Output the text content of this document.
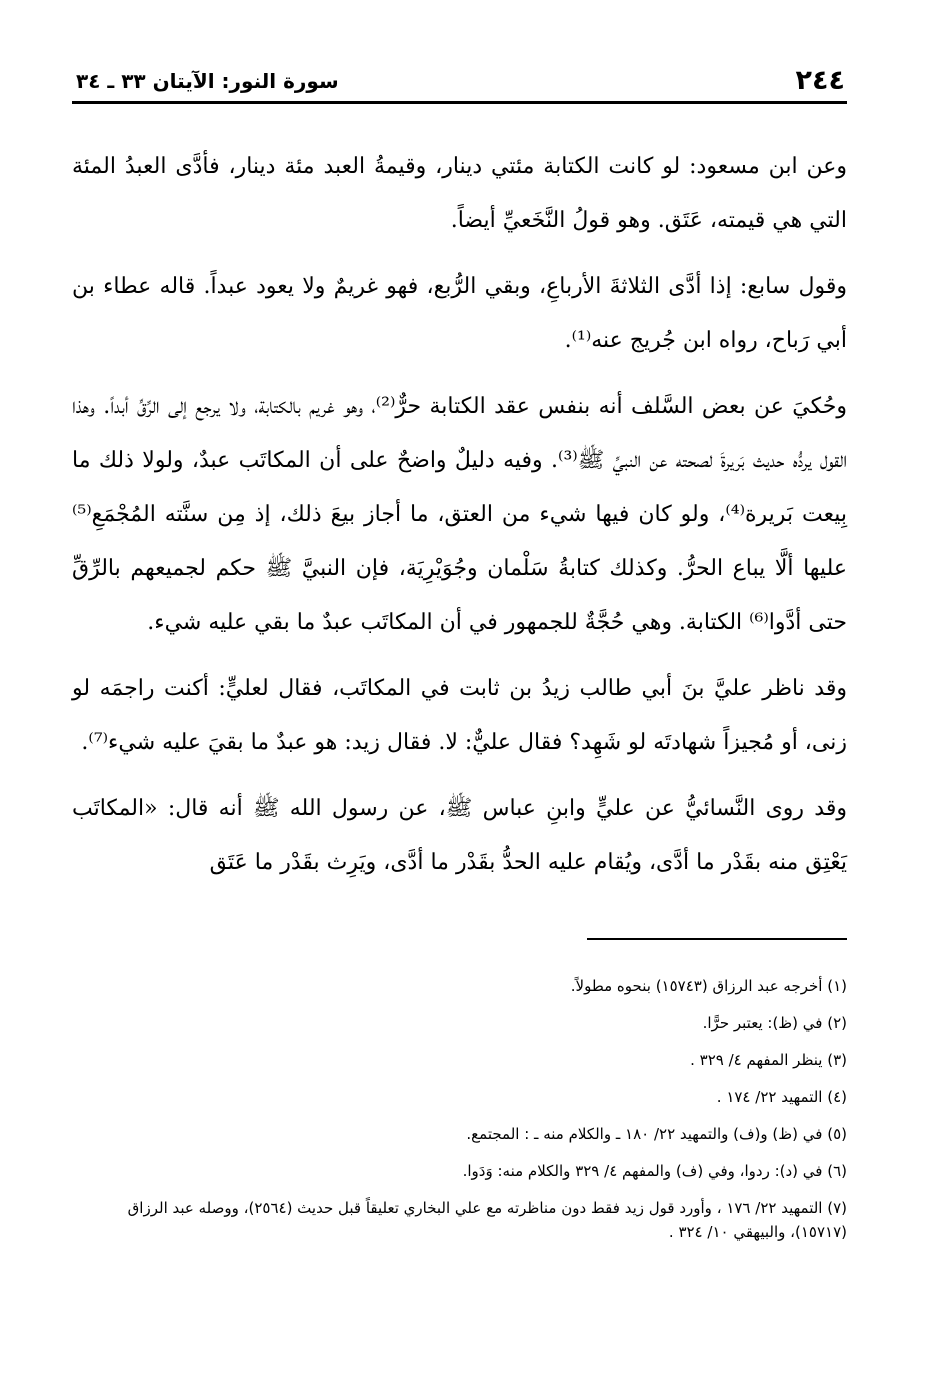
٢٤٤
سورة النور: الآيتان ٣٣ ـ ٣٤

وعن ابن مسعود: لو كانت الكتابة مئتي دينار، وقيمةُ العبد مئة دينار، فأدَّى العبدُ المئة التي هي قيمته، عَتَق. وهو قولُ النَّخَعيِّ أيضاً.

وقول سابع: إذا أدَّى الثلاثةَ الأرباعِ، وبقي الرُّبع، فهو غريمٌ ولا يعود عبداً. قاله عطاء بن أبي رَباح، رواه ابن جُريج عنه⁽¹⁾.

وحُكيَ عن بعض السَّلف أنه بنفس عقد الكتابة حرٌّ⁽²⁾، وهو غريم بالكتابة، ولا يرجع إلى الرِّقِّ أبداً. وهذا القول يردُّه حديث بَريرةَ لصحته عن النبيِّ ﷺ⁽³⁾. وفيه دليلٌ واضحٌ على أن المكاتَب عبدٌ، ولولا ذلك ما بِيعت بَريرة⁽⁴⁾، ولو كان فيها شيء من العتق، ما أجاز بيعَ ذلك، إذ مِن سنَّته المُجْمَعِ⁽⁵⁾ عليها ألَّا يباع الحرُّ. وكذلك كتابةُ سَلْمان وجُوَيْرِيَة، فإن النبيَّ ﷺ حكم لجميعهم بالرِّقِّ حتى أدَّوا⁽⁶⁾ الكتابة. وهي حُجَّةٌ للجمهور في أن المكاتَب عبدٌ ما بقي عليه شيء.

وقد ناظر عليَّ بنَ أبي طالب زيدُ بن ثابت في المكاتَب، فقال لعليٍّ: أكنت راجمَه لو زنى، أو مُجيزاً شهادتَه لو شَهِد؟ فقال عليٌّ: لا. فقال زيد: هو عبدٌ ما بقيَ عليه شيء⁽⁷⁾.

وقد روى النَّسائيُّ عن عليٍّ وابنِ عباس ﷺ، عن رسول الله ﷺ أنه قال: «المكاتَب يَعْتِق منه بقَدْر ما أدَّى، ويُقام عليه الحدُّ بقَدْر ما أدَّى، ويَرِث بقَدْر ما عَتَق

(١) أخرجه عبد الرزاق (١٥٧٤٣) بنحوه مطولاً.
(٢) في (ظ): يعتبر حرًّا.
(٣) ينظر المفهم ٤/ ٣٢٩ .
(٤) التمهيد ٢٢/ ١٧٤ .
(٥) في (ظ) و(ف) والتمهيد ٢٢/ ١٨٠ ـ والكلام منه ـ : المجتمع.
(٦) في (د): ردوا، وفي (ف) والمفهم ٤/ ٣٢٩ والكلام منه: وَدَوا.
(٧) التمهيد ٢٢/ ١٧٦ ، وأورد قول زيد فقط دون مناظرته مع علي البخاري تعليقاً قبل حديث (٢٥٦٤)، ووصله عبد الرزاق (١٥٧١٧)، والبيهقي ١٠/ ٣٢٤ .
